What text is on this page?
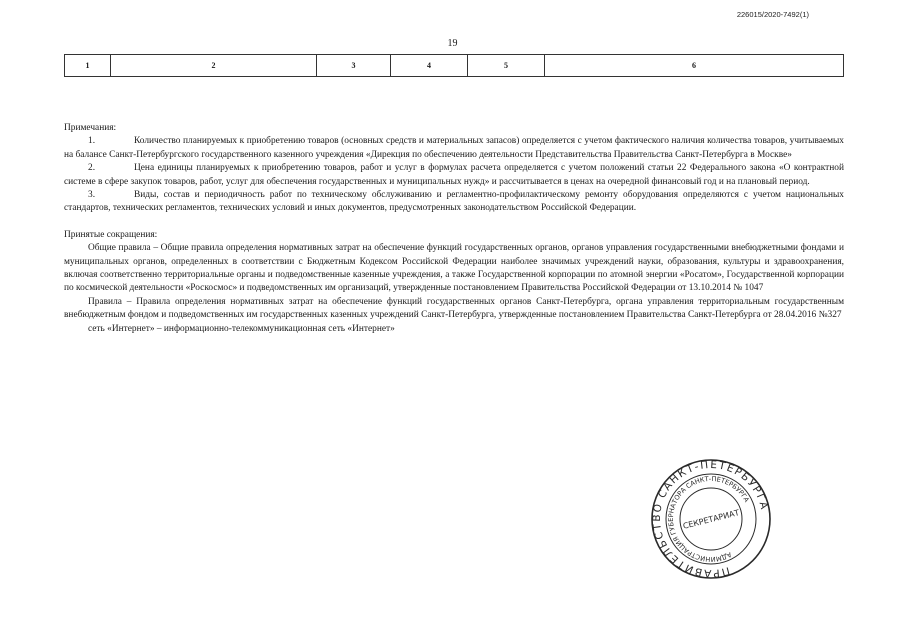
226015/2020-7492(1)
19
1	2	3	4	5	6

Примечания:

1.	Количество планируемых к приобретению товаров (основных средств и материальных запасов) определяется с учетом фактического наличия количества товаров, учитываемых на балансе Санкт-Петербургского государственного казенного учреждения «Дирекция по обеспечению деятельности Представительства Правительства Санкт-Петербурга в Москве»

2.	Цена единицы планируемых к приобретению товаров, работ и услуг в формулах расчета определяется с учетом положений статьи 22 Федерального закона «О контрактной системе в сфере закупок товаров, работ, услуг для обеспечения государственных и муниципальных нужд» и рассчитывается в ценах на очередной финансовый год и на плановый период.

3.	Виды, состав и периодичность работ по техническому обслуживанию и регламентно-профилактическому ремонту оборудования определяются с учетом национальных стандартов, технических регламентов, технических условий и иных документов, предусмотренных законодательством Российской Федерации.

Принятые сокращения:

Общие правила – Общие правила определения нормативных затрат на обеспечение функций государственных органов, органов управления государственными внебюджетными фондами и муниципальных органов, определенных в соответствии с Бюджетным Кодексом Российской Федерации наиболее значимых учреждений науки, образования, культуры и здравоохранения, включая соответственно территориальные органы и подведомственные казенные учреждения, а также Государственной корпорации по атомной энергии «Росатом», Государственной корпорации по космической деятельности «Роскосмос» и подведомственных им организаций, утвержденные постановлением Правительства Российской Федерации от 13.10.2014 № 1047

Правила – Правила определения нормативных затрат на обеспечение функций государственных органов Санкт-Петербурга, органа управления территориальным государственным внебюджетным фондом и подведомственных им государственных казенных учреждений Санкт-Петербурга, утвержденные постановлением Правительства Санкт-Петербурга от 28.04.2016 №327

сеть «Интернет» – информационно-телекоммуникационная сеть «Интернет»

ПРАВИТЕЛЬСТВО САНКТ-ПЕТЕРБУРГА
АДМИНИСТРАЦИЯ ГУБЕРНАТОРА САНКТ-ПЕТЕРБУРГА
СЕКРЕТАРИАТ
